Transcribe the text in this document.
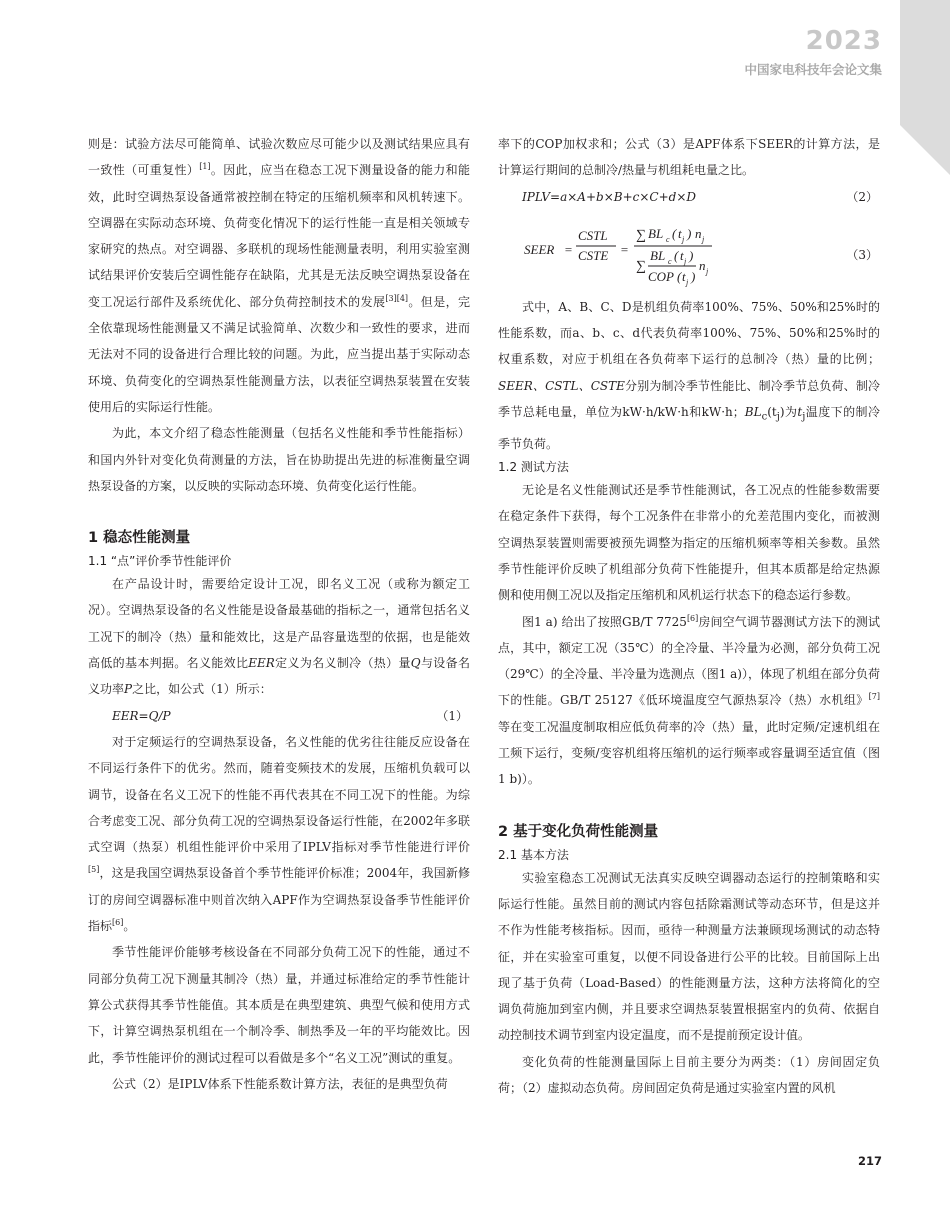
2023
中国家电科技年会论文集

则是：试验方法尽可能简单、试验次数应尽可能少以及测试结果应具有一致性（可重复性）[1]。因此，应当在稳态工况下测量设备的能力和能效，此时空调热泵设备通常被控制在特定的压缩机频率和风机转速下。空调器在实际动态环境、负荷变化情况下的运行性能一直是相关领域专家研究的热点。对空调器、多联机的现场性能测量表明，利用实验室测试结果评价安装后空调性能存在缺陷，尤其是无法反映空调热泵设备在变工况运行部件及系统优化、部分负荷控制技术的发展[3][4]。但是，完全依靠现场性能测量又不满足试验简单、次数少和一致性的要求，进而无法对不同的设备进行合理比较的问题。为此，应当提出基于实际动态环境、负荷变化的空调热泵性能测量方法，以表征空调热泵装置在安装使用后的实际运行性能。

为此，本文介绍了稳态性能测量（包括名义性能和季节性能指标）和国内外针对变化负荷测量的方法，旨在协助提出先进的标准衡量空调热泵设备的方案，以反映的实际动态环境、负荷变化运行性能。

1 稳态性能测量
1.1 “点”评价季节性能评价

在产品设计时，需要给定设计工况，即名义工况（或称为额定工况）。空调热泵设备的名义性能是设备最基础的指标之一，通常包括名义工况下的制冷（热）量和能效比，这是产品容量选型的依据，也是能效高低的基本判据。名义能效比EER定义为名义制冷（热）量Q与设备名义功率P之比，如公式（1）所示：

EER=Q/P	（1）

对于定频运行的空调热泵设备，名义性能的优劣往往能反应设备在不同运行条件下的优劣。然而，随着变频技术的发展，压缩机负载可以调节，设备在名义工况下的性能不再代表其在不同工况下的性能。为综合考虑变工况、部分负荷工况的空调热泵设备运行性能，在2002年多联式空调（热泵）机组性能评价中采用了IPLV指标对季节性能进行评价[5]，这是我国空调热泵设备首个季节性能评价标准；2004年，我国新修订的房间空调器标准中则首次纳入APF作为空调热泵设备季节性能评价指标[6]。

季节性能评价能够考核设备在不同部分负荷工况下的性能，通过不同部分负荷工况下测量其制冷（热）量，并通过标准给定的季节性能计算公式获得其季节性能值。其本质是在典型建筑、典型气候和使用方式下，计算空调热泵机组在一个制冷季、制热季及一年的平均能效比。因此，季节性能评价的测试过程可以看做是多个“名义工况”测试的重复。

公式（2）是IPLV体系下性能系数计算方法，表征的是典型负荷

率下的COP加权求和；公式（3）是APF体系下SEER的计算方法，是计算运行期间的总制冷/热量与机组耗电量之比。

IPLV=a×A+b×B+c×C+d×D	（2）
SEER =
CSTL
CSTE =
∑ BL c ( t j ) n j
∑
BL c ( t j )
COP ( t j )
n j
（3）

式中，A、B、C、D是机组负荷率100%、75%、50%和25%时的性能系数，而a、b、c、d代表负荷率100%、75%、50%和25%时的权重系数，对应于机组在各负荷率下运行的总制冷（热）量的比例；SEER、CSTL、CSTE分别为制冷季节性能比、制冷季节总负荷、制冷季节总耗电量，单位为kW·h/kW·h和kW·h；$BL_c(t_j)$为$t_j$温度下的制冷季节负荷。

1.2 测试方法

无论是名义性能测试还是季节性能测试，各工况点的性能参数需要在稳定条件下获得，每个工况条件在非常小的允差范围内变化，而被测空调热泵装置则需要被预先调整为指定的压缩机频率等相关参数。虽然季节性能评价反映了机组部分负荷下性能提升，但其本质都是给定热源侧和使用侧工况以及指定压缩机和风机运行状态下的稳态运行参数。

图1 a) 给出了按照GB/T 7725[6]房间空气调节器测试方法下的测试点，其中，额定工况（35℃）的全冷量、半冷量为必测，部分负荷工况（29℃）的全冷量、半冷量为选测点（图1 a)），体现了机组在部分负荷下的性能。GB/T 25127《低环境温度空气源热泵冷（热）水机组》[7]等在变工况温度制取相应低负荷率的冷（热）量，此时定频/定速机组在工频下运行，变频/变容机组将压缩机的运行频率或容量调至适宜值（图1 b)）。

2 基于变化负荷性能测量
2.1 基本方法

实验室稳态工况测试无法真实反映空调器动态运行的控制策略和实际运行性能。虽然目前的测试内容包括除霜测试等动态环节，但是这并不作为性能考核指标。因而，亟待一种测量方法兼顾现场测试的动态特征，并在实验室可重复，以便不同设备进行公平的比较。目前国际上出现了基于负荷（Load-Based）的性能测量方法，这种方法将简化的空调负荷施加到室内侧，并且要求空调热泵装置根据室内的负荷、依据自动控制技术调节到室内设定温度，而不是提前预定设计值。

变化负荷的性能测量国际上目前主要分为两类：（1）房间固定负荷；（2）虚拟动态负荷。房间固定负荷是通过实验室内置的风机

217
